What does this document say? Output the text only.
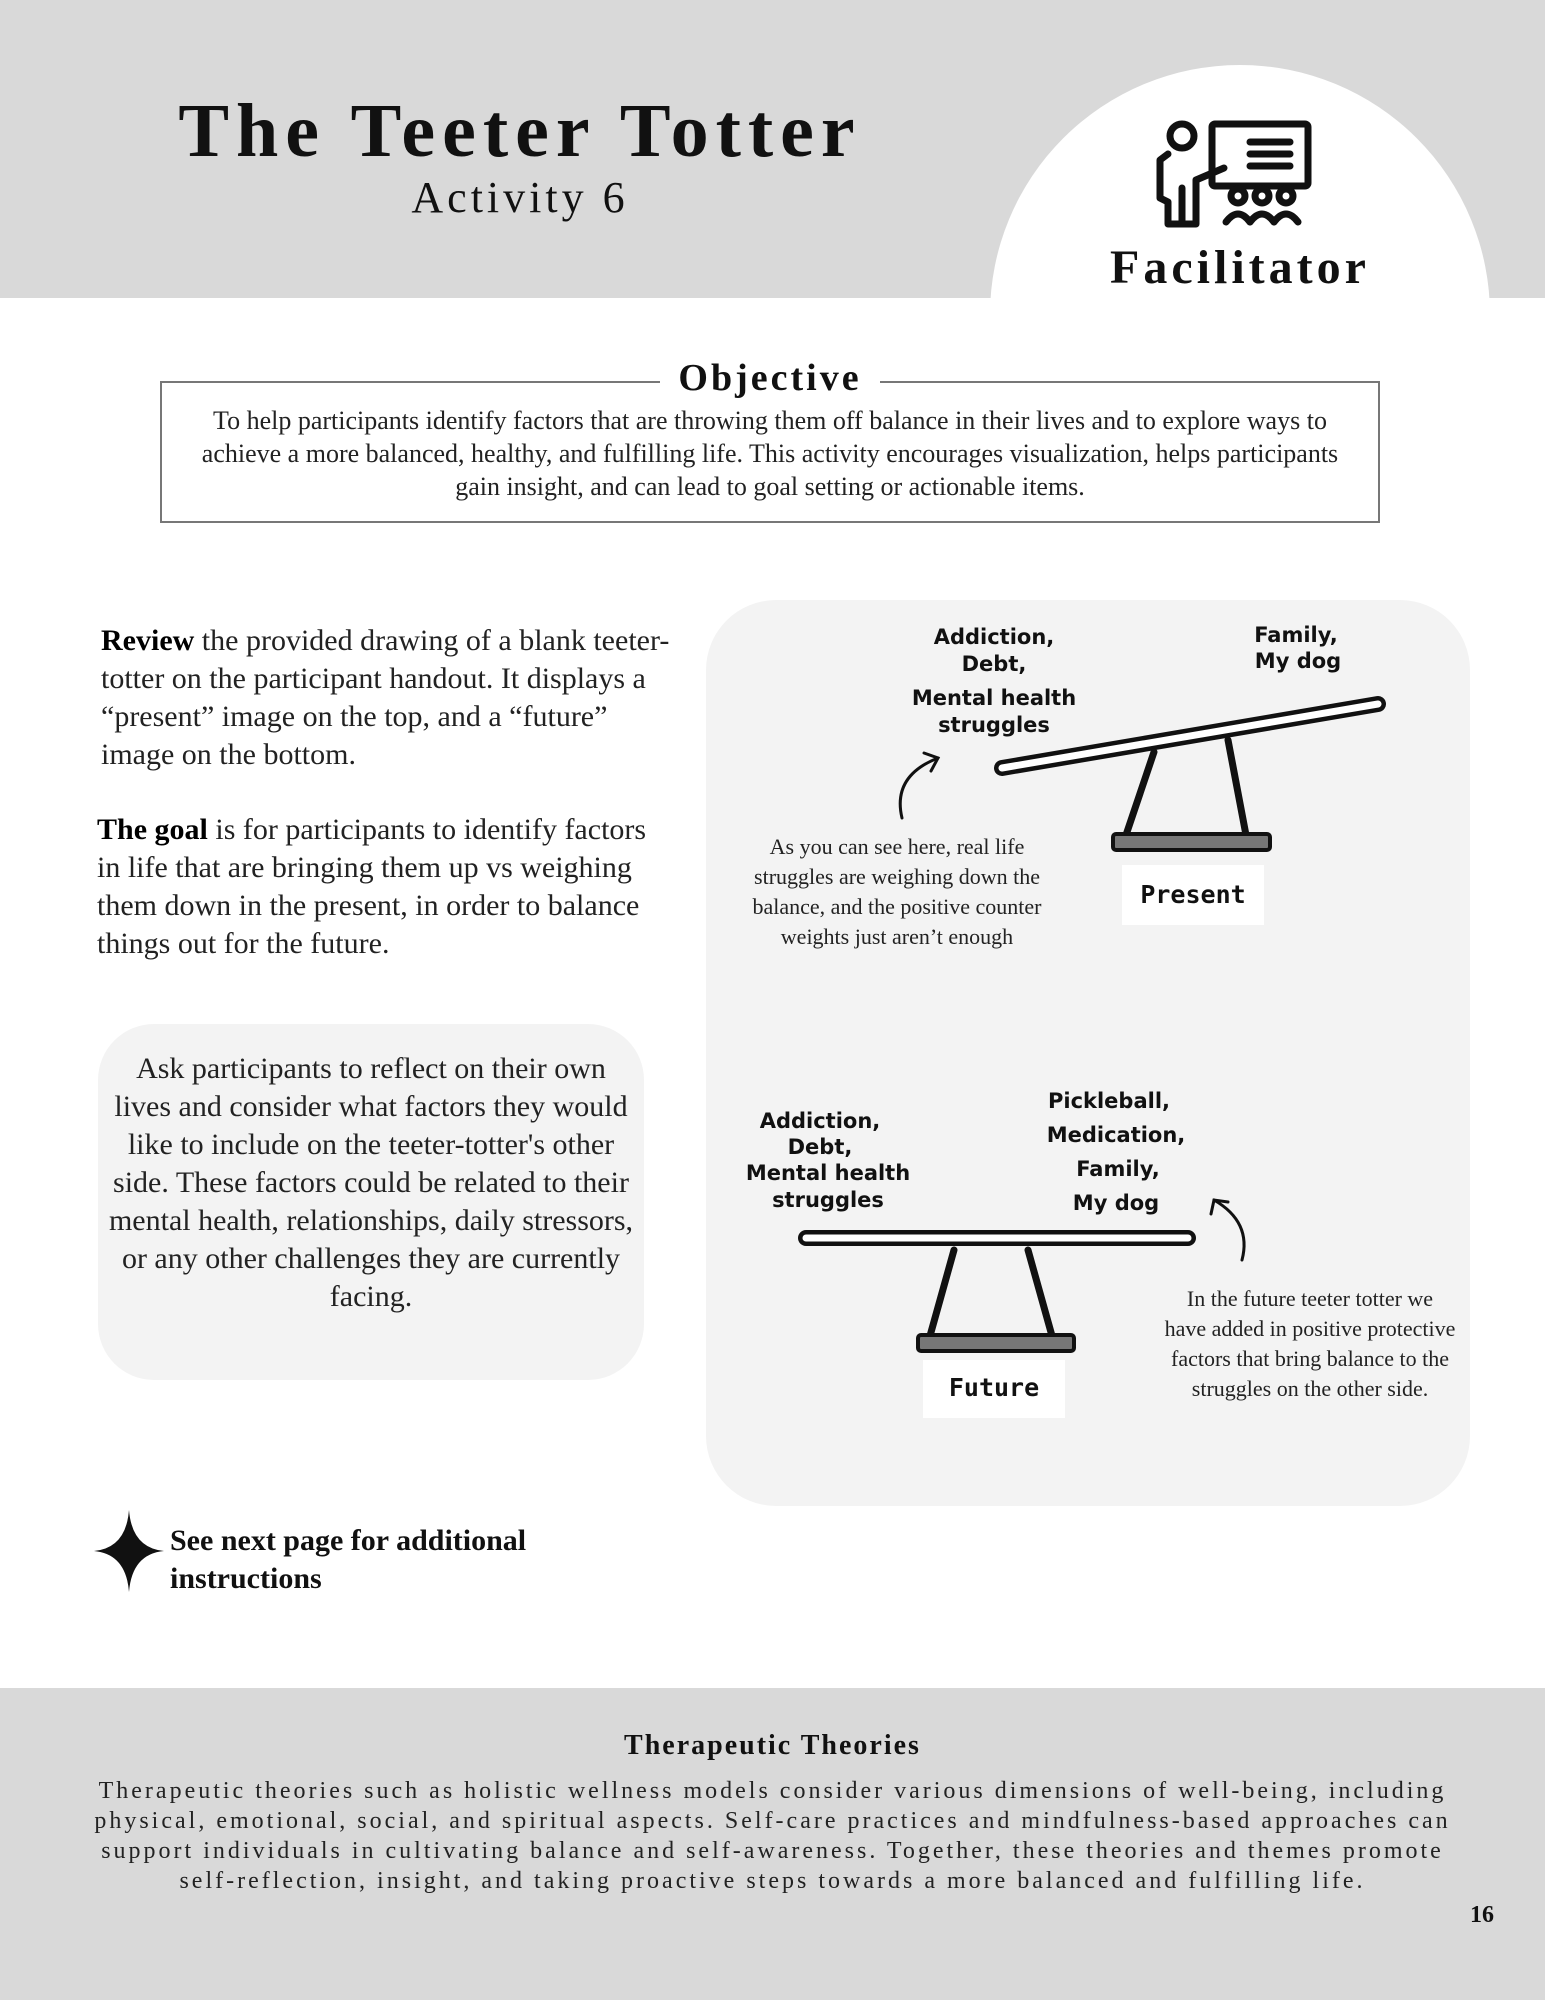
The Teeter Totter
Activity 6
Facilitator
Objective
To help participants identify factors that are throwing them off balance in their lives and to explore ways to achieve a more balanced, healthy, and fulfilling life. This activity encourages visualization, helps participants gain insight, and can lead to goal setting or actionable items.
Review the provided drawing of a blank teeter-totter on the participant handout. It displays a “present” image on the top, and a “future” image on the bottom.
The goal is for participants to identify factors in life that are bringing them up vs weighing them down in the present, in order to balance things out for the future.
Ask participants to reflect on their own lives and consider what factors they would like to include on the teeter-totter's other side. These factors could be related to their mental health, relationships, daily stressors, or any other challenges they are currently facing.
Present
Addiction,
Debt,
Mental health
struggles
Family,
My dog
Future
Addiction,
Debt,
Mental health
struggles
Pickleball,
Medication,
Family,
My dog
As you can see here, real life struggles are weighing down the balance, and the positive counter weights just aren’t enough
In the future teeter totter we have added in positive protective factors that bring balance to the struggles on the other side.
See next page for additional instructions
Therapeutic Theories
Therapeutic theories such as holistic wellness models consider various dimensions of well-being, including physical, emotional, social, and spiritual aspects. Self-care practices and mindfulness-based approaches can support individuals in cultivating balance and self-awareness. Together, these theories and themes promote self-reflection, insight, and taking proactive steps towards a more balanced and fulfilling life.
16
